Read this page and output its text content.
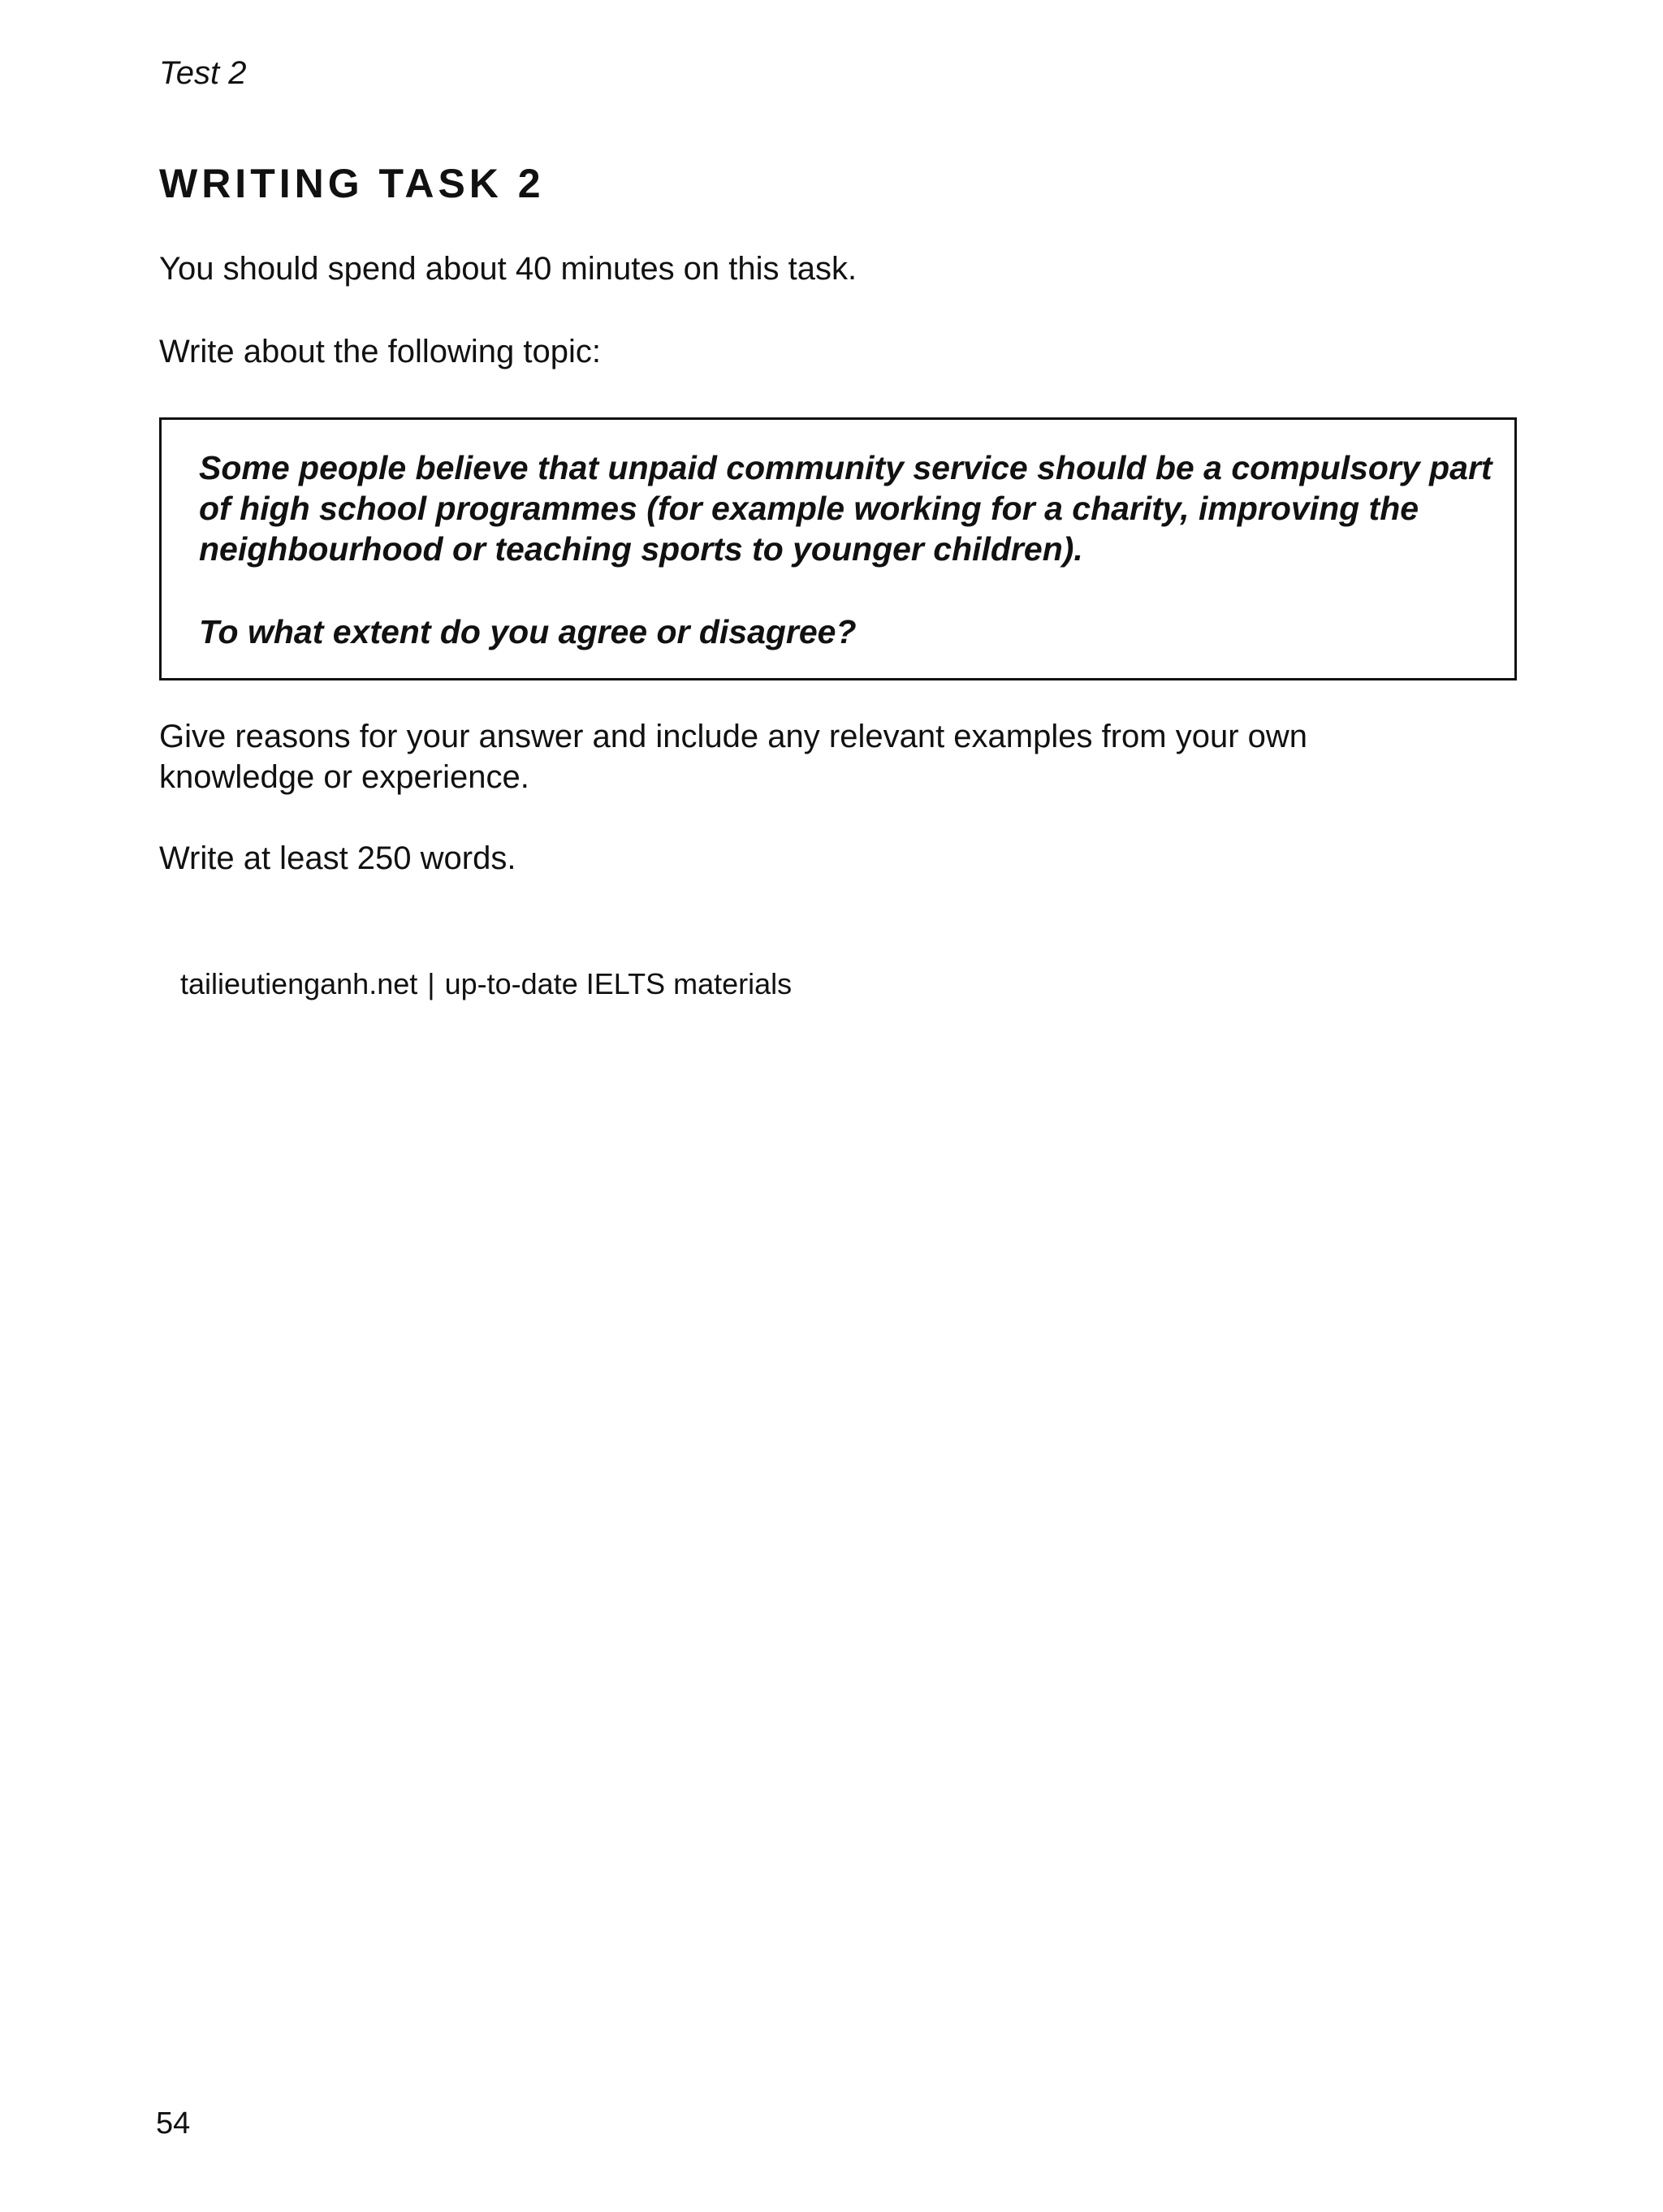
Test 2
WRITING TASK 2
You should spend about 40 minutes on this task.
Write about the following topic:
Some people believe that unpaid community service should be a compulsory part of high school programmes (for example working for a charity, improving the neighbourhood or teaching sports to younger children).
To what extent do you agree or disagree?
Give reasons for your answer and include any relevant examples from your own knowledge or experience.
Write at least 250 words.
tailieutienganh.net | up-to-date IELTS materials
54
